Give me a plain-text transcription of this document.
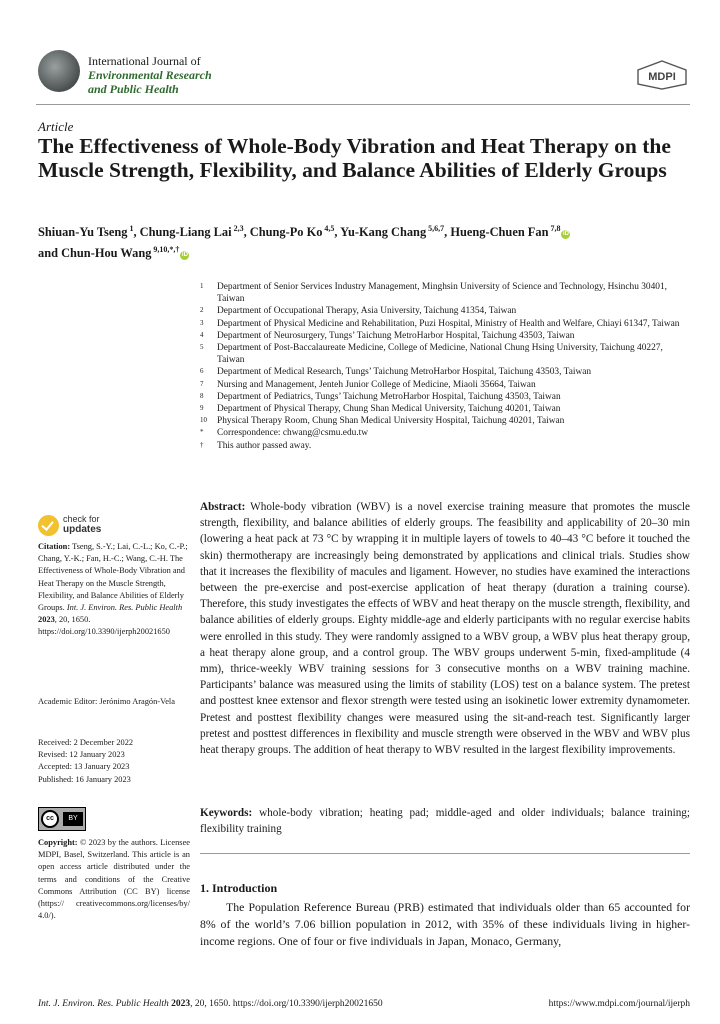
International Journal of
Environmental Research
and Public Health
MDPI
Article
The Effectiveness of Whole-Body Vibration and Heat Therapy on the Muscle Strength, Flexibility, and Balance Abilities of Elderly Groups
Shiuan-Yu Tseng $^1$, Chung-Liang Lai $^{2,3}$, Chung-Po Ko $^{4,5}$, Yu-Kang Chang $^{5,6,7}$, Hueng-Chuen Fan $^{7,8}$iD
and Chun-Hou Wang $^{9,10,*,\dagger}$iD
1 Department of Senior Services Industry Management, Minghsin University of Science and Technology, Hsinchu 30401, Taiwan
2 Department of Occupational Therapy, Asia University, Taichung 41354, Taiwan
3 Department of Physical Medicine and Rehabilitation, Puzi Hospital, Ministry of Health and Welfare, Chiayi 61347, Taiwan
4 Department of Neurosurgery, Tungs’ Taichung MetroHarbor Hospital, Taichung 43503, Taiwan
5 Department of Post-Baccalaureate Medicine, College of Medicine, National Chung Hsing University, Taichung 40227, Taiwan
6 Department of Medical Research, Tungs’ Taichung MetroHarbor Hospital, Taichung 43503, Taiwan
7 Nursing and Management, Jenteh Junior College of Medicine, Miaoli 35664, Taiwan
8 Department of Pediatrics, Tungs’ Taichung MetroHarbor Hospital, Taichung 43503, Taiwan
9 Department of Physical Therapy, Chung Shan Medical University, Taichung 40201, Taiwan
10 Physical Therapy Room, Chung Shan Medical University Hospital, Taichung 40201, Taiwan
* Correspondence: chwang@csmu.edu.tw
† This author passed away.
check for
updates
Citation: Tseng, S.-Y.; Lai, C.-L.; Ko, C.-P.; Chang, Y.-K.; Fan, H.-C.; Wang, C.-H. The Effectiveness of Whole-Body Vibration and Heat Therapy on the Muscle Strength, Flexibility, and Balance Abilities of Elderly Groups. Int. J. Environ. Res. Public Health 2023, 20, 1650. https://doi.org/10.3390/ijerph20021650
Academic Editor: Jerónimo Aragón-Vela
Received: 2 December 2022
Revised: 12 January 2023
Accepted: 13 January 2023
Published: 16 January 2023
cc	BY
Copyright: © 2023 by the authors. Licensee MDPI, Basel, Switzerland. This article is an open access article distributed under the terms and conditions of the Creative Commons Attribution (CC BY) license (https:// creativecommons.org/licenses/by/ 4.0/).
Abstract: Whole-body vibration (WBV) is a novel exercise training measure that promotes the muscle strength, flexibility, and balance abilities of elderly groups. The feasibility and applicability of 20–30 min (lowering a heat pack at 73 °C by wrapping it in multiple layers of towels to 40–43 °C before it touched the skin) thermotherapy are increasingly being demonstrated by applications and clinical trials. Studies show that it increases the flexibility of macules and ligament. However, no studies have examined the interactions between the pre-exercise and post-exercise application of heat therapy (duration a training course). Therefore, this study investigates the effects of WBV and heat therapy on the muscle strength, flexibility, and balance abilities of elderly groups. Eighty middle-age and elderly participants with no regular exercise habits were enrolled in this study. They were randomly assigned to a WBV group, a WBV plus heat therapy group, a heat therapy alone group, and a control group. The WBV groups underwent 5-min, fixed-amplitude (4 mm), thrice-weekly WBV training sessions for 3 consecutive months on a WBV training machine. Participants’ balance was measured using the limits of stability (LOS) test on a balance system. The pretest and posttest knee extensor and flexor strength were tested using an isokinetic lower extremity dynamometer. Pretest and posttest flexibility changes were measured using the sit-and-reach test. Significantly larger pretest and posttest differences in flexibility and muscle strength were observed in the WBV and WBV plus heat therapy groups. The addition of heat therapy to WBV resulted in the largest flexibility improvements.
Keywords: whole-body vibration; heating pad; middle-aged and older individuals; balance training; flexibility training
1. Introduction
The Population Reference Bureau (PRB) estimated that individuals older than 65 accounted for 8% of the world’s 7.06 billion population in 2012, with 35% of these individuals living in higher-income regions. One of four or five individuals in Japan, Monaco, Germany,
Int. J. Environ. Res. Public Health 2023, 20, 1650. https://doi.org/10.3390/ijerph20021650	https://www.mdpi.com/journal/ijerph
